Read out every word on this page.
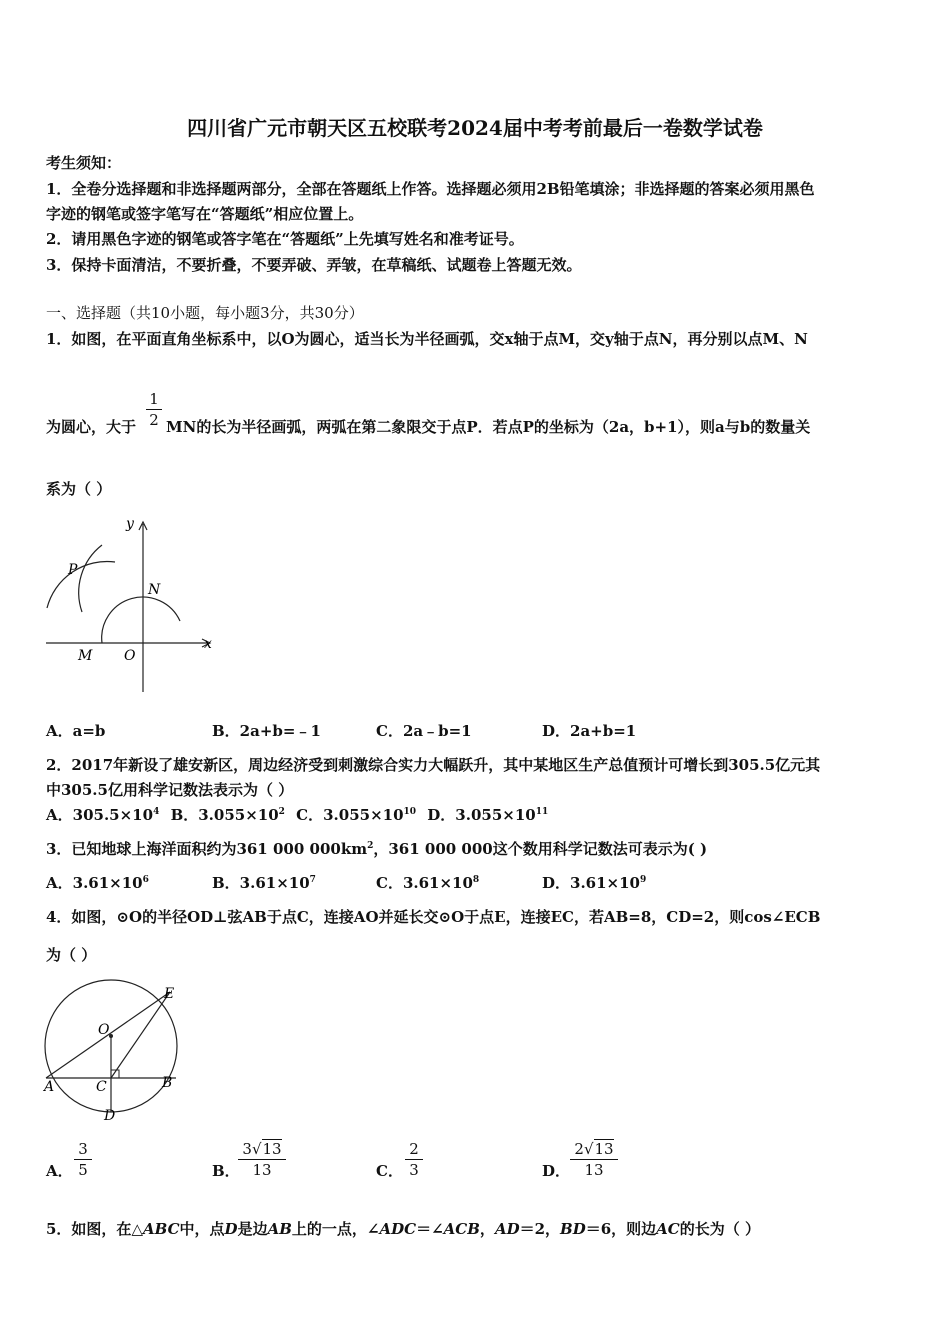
四川省广元市朝天区五校联考2024届中考考前最后一卷数学试卷
考生须知：
1．全卷分选择题和非选择题两部分，全部在答题纸上作答。选择题必须用2B铅笔填涂；非选择题的答案必须用黑色
字迹的钢笔或签字笔写在“答题纸”相应位置上。
2．请用黑色字迹的钢笔或答字笔在“答题纸”上先填写姓名和准考证号。
3．保持卡面清洁，不要折叠，不要弄破、弄皱，在草稿纸、试题卷上答题无效。
一、选择题（共10小题，每小题3分，共30分）
1．如图，在平面直角坐标系中，以O为圆心，适当长为半径画弧，交x轴于点M，交y轴于点N，再分别以点M、N
为圆心，大于
1
2 MN的长为半径画弧，两弧在第二象限交于点P．若点P的坐标为（2a，b+1），则a与b的数量关
系为（ ）
P
N
M O
x
y
A．a=b	B．2a+b=﹣1	C．2a﹣b=1	D．2a+b=1
2．2017年新设了雄安新区，周边经济受到刺激综合实力大幅跃升，其中某地区生产总值预计可增长到305.5亿元其
中305.5亿用科学记数法表示为（ ）
A．$305.5\times 10^4$ B．$3.055\times 10^2$ C．$3.055\times 10^{10}$ D．$3.055\times 10^{11}$
3．已知地球上海洋面积约为361 000 $000km^2$，361 000 000这个数用科学记数法可表示为( )
A．$3.61\times 10^6$	B．$3.61\times 10^7$	C．$3.61\times 10^8$	D．$3.61\times 10^9$
4．如图，⊙O的半径OD⊥弦AB于点C，连接AO并延长交⊙O于点E，连接EC，若AB=8，CD=2，则cos∠ECB
为（ ）
O
E
A	C	B
D
A．
3
5	B．
3√13
13	C．
2
3	D．
2√13
13
5．如图，在△ABC中，点D是边AB上的一点，∠ADC＝∠ACB，AD＝2，BD＝6，则边AC的长为（ ）
